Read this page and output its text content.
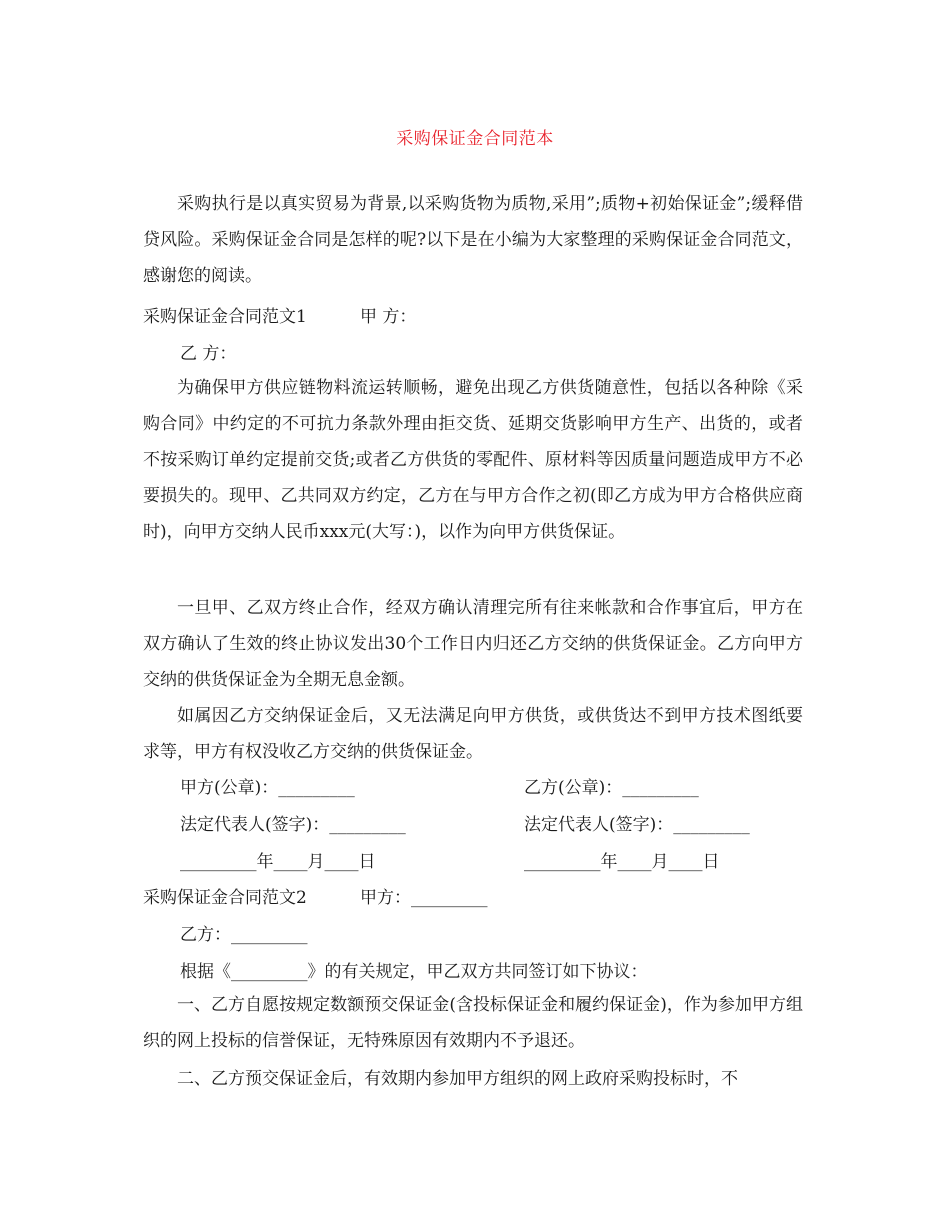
采购保证金合同范本

采购执行是以真实贸易为背景,以采购货物为质物,采用”;质物+初始保证金”;缓释借贷风险。采购保证金合同是怎样的呢?以下是在小编为大家整理的采购保证金合同范文，感谢您的阅读。

采购保证金合同范文1	甲 方：
乙 方：

为确保甲方供应链物料流运转顺畅，避免出现乙方供货随意性，包括以各种除《采购合同》中约定的不可抗力条款外理由拒交货、延期交货影响甲方生产、出货的，或者不按采购订单约定提前交货;或者乙方供货的零配件、原材料等因质量问题造成甲方不必要损失的。现甲、乙共同双方约定，乙方在与甲方合作之初(即乙方成为甲方合格供应商时)，向甲方交纳人民币xxx元(大写：)，以作为向甲方供货保证。

一旦甲、乙双方终止合作，经双方确认清理完所有往来帐款和合作事宜后，甲方在双方确认了生效的终止协议发出30个工作日内归还乙方交纳的供货保证金。乙方向甲方交纳的供货保证金为全期无息金额。

如属因乙方交纳保证金后，又无法满足向甲方供货，或供货达不到甲方技术图纸要求等，甲方有权没收乙方交纳的供货保证金。

甲方(公章)：_________	乙方(公章)：_________
法定代表人(签字)：_________	法定代表人(签字)：_________
_________年____月____日	_________年____月____日
采购保证金合同范文2	甲方：_________
乙方：_________
根据《_________》的有关规定，甲乙双方共同签订如下协议：

一、乙方自愿按规定数额预交保证金(含投标保证金和履约保证金)，作为参加甲方组织的网上投标的信誉保证，无特殊原因有效期内不予退还。

二、乙方预交保证金后，有效期内参加甲方组织的网上政府采购投标时，不
